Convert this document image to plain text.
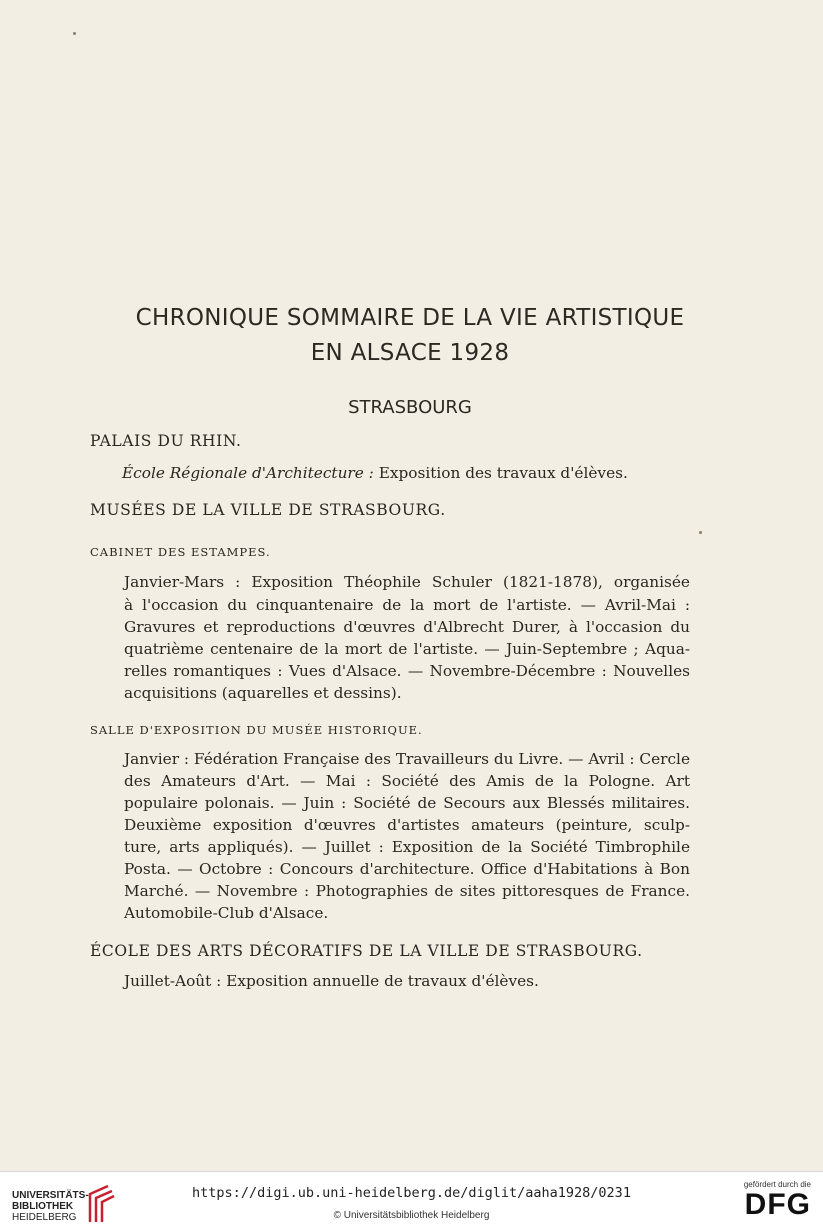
CHRONIQUE SOMMAIRE DE LA VIE ARTISTIQUE
EN ALSACE 1928
STRASBOURG
PALAIS DU RHIN.
École Régionale d'Architecture : Exposition des travaux d'élèves.
MUSÉES DE LA VILLE DE STRASBOURG.
CABINET DES ESTAMPES.
Janvier-Mars : Exposition Théophile Schuler (1821-1878), organisée
à l'occasion du cinquantenaire de la mort de l'artiste. — Avril-Mai :
Gravures et reproductions d'œuvres d'Albrecht Durer, à l'occasion du
quatrième centenaire de la mort de l'artiste. — Juin-Septembre ; Aqua-
relles romantiques : Vues d'Alsace. — Novembre-Décembre : Nouvelles
acquisitions (aquarelles et dessins).
SALLE D'EXPOSITION DU MUSÉE HISTORIQUE.
Janvier : Fédération Française des Travailleurs du Livre. — Avril : Cercle
des Amateurs d'Art. — Mai : Société des Amis de la Pologne. Art
populaire polonais. — Juin : Société de Secours aux Blessés militaires.
Deuxième exposition d'œuvres d'artistes amateurs (peinture, sculp-
ture, arts appliqués). — Juillet : Exposition de la Société Timbrophile
Posta. — Octobre : Concours d'architecture. Office d'Habitations à Bon
Marché. — Novembre : Photographies de sites pittoresques de France.
Automobile-Club d'Alsace.
ÉCOLE DES ARTS DÉCORATIFS DE LA VILLE DE STRASBOURG.
Juillet-Août : Exposition annuelle de travaux d'élèves.
UNIVERSITÄTS-
BIBLIOTHEK
HEIDELBERG
https://digi.ub.uni-heidelberg.de/diglit/aaha1928/0231
© Universitätsbibliothek Heidelberg
gefördert durch die
DFG
